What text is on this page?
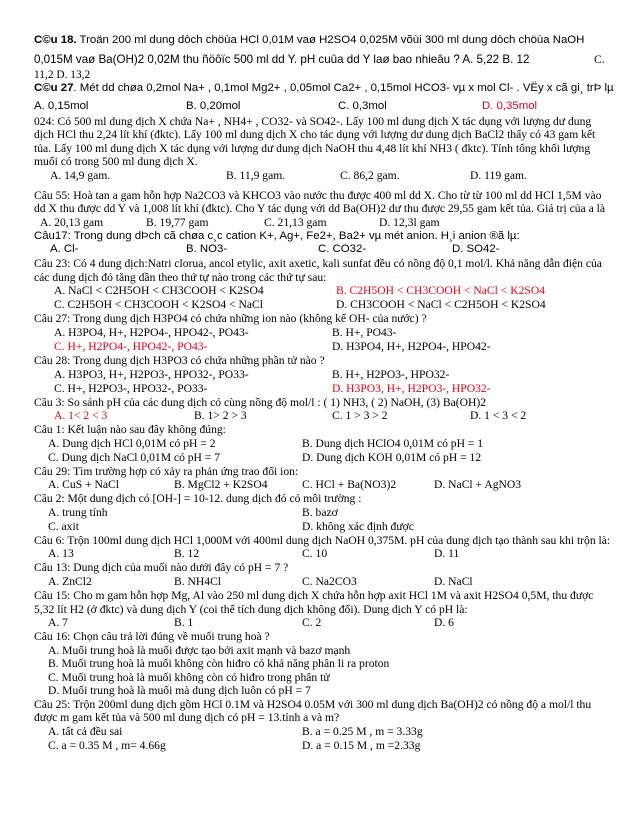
C©u 18. Troän 200 ml dung dòch chöùa HCl 0,01M vaø H2SO4 0,025M võùi 300 ml dung dòch chöùa NaOH
0,015M vaø Ba(OH)2 0,02M thu ñöôïc 500 ml dd Y. pH cuûa dd Y laø bao nhieâu ? A. 5,22 B. 12	C.
11,2 D. 13,2
C©u 27. Mét dd chøa 0,2mol Na+ , 0,1mol Mg2+ , 0,05mol Ca2+ , 0,15mol HCO3- vµ x mol Cl- . VËy x cã gi¸ trÞ lµ
A. 0,15mol	B. 0,20mol	C. 0,3mol	D. 0,35mol
024: Có 500 ml dung dịch X chứa Na+ , NH4+ , CO32- và SO42-. Lấy 100 ml dung dịch X tác dụng với lượng dư dung dịch HCl thu 2,24 lít khí (đktc). Lấy 100 ml dung dịch X cho tác dụng với lượng dư dung dịch BaCl2 thấy có 43 gam kết tủa. Lấy 100 ml dung dịch X tác dụng với lượng dư dung dịch NaOH thu 4,48 lít khí NH3 ( đktc). Tính tổng khối lượng muối có trong 500 ml dung dịch X.
A. 14,9 gam.	B. 11,9 gam.	C. 86,2 gam.	D. 119 gam.
Câu 55: Hoà tan a gam hỗn hợp Na2CO3 và KHCO3 vào nước thu được 400 ml dd X. Cho từ từ 100 ml dd HCl 1,5M vào dd X thu được dd Y và 1,008 lít khí (đktc). Cho Y tác dụng với dd Ba(OH)2 dư thu được 29,55 gam kết tủa. Giá trị của a là
A. 20,13 gam	B. 19,77 gam	C. 21,13 gam	D. 12,3l gam
Câu17: Trong dung dÞch cã chøa c¸c cation K+, Ag+, Fe2+, Ba2+ vµ mét anion. H¸i anion ®ã lµ:
A. Cl-	B. NO3-	C. CO32-	D. SO42-
Câu 23: Có 4 dung dịch:Natri clorua, ancol etylic, axit axetic, kali sunfat đều có nồng độ 0,1 mol/l. Khả năng dẫn điện của các dung dịch đó tăng dần theo thứ tự nào trong các thứ tự sau:
A. NaCl < C2H5OH < CH3COOH < K2SO4	B. C2H5OH < CH3COOH < NaCl < K2SO4
C. C2H5OH < CH3COOH < K2SO4 < NaCl	D. CH3COOH < NaCl < C2H5OH < K2SO4
Câu 27: Trong dung dịch H3PO4 có chứa những ion nào (không kể OH- của nước) ?
A. H3PO4, H+, H2PO4-, HPO42-, PO43-	B. H+, PO43-
C. H+, H2PO4-, HPO42-, PO43-	D. H3PO4, H+, H2PO4-, HPO42-
Câu 28: Trong dung dịch H3PO3 có chứa những phần tử nào ?
A. H3PO3, H+, H2PO3-, HPO32-, PO33-	B. H+, H2PO3-, HPO32-
C. H+, H2PO3-, HPO32-, PO33-	D. H3PO3, H+, H2PO3-, HPO32-
Câu 3: So sánh pH của các dung dịch có cùng nồng độ mol/l : ( 1) NH3, ( 2) NaOH, (3) Ba(OH)2
A. 1< 2 < 3	B. 1> 2 > 3	C. 1 > 3 > 2	D. 1 < 3 < 2
Câu 1: Kết luận nào sau đây không đúng:
A. Dung dịch HCl 0,01M có pH = 2	B. Dung dịch HClO4 0,01M có pH = 1
C. Dung dịch NaCl 0,01M có pH = 7	D. Dung dịch KOH 0,01M có pH = 12
Câu 29: Tìm trường hợp có xảy ra phản ứng trao đổi ion:
A. CuS + NaCl	B. MgCl2 + K2SO4	C. HCl + Ba(NO3)2	D. NaCl + AgNO3
Câu 2: Một dung dịch có [OH-] = 10-12. dung dịch đó có môi trường :
A. trung tính	B. bazơ
C. axit	D. không xác định được
Câu 6: Trộn 100ml dung dịch HCl 1,000M với 400ml dung dịch NaOH 0,375M. pH của dung dịch tạo thành sau khi trộn là:
A. 13	B. 12	C. 10	D. 11
Câu 13: Dung dịch của muối nào dưới đây có pH = 7 ?
A. ZnCl2	B. NH4Cl	C. Na2CO3	D. NaCl
Câu 15: Cho m gam hỗn hợp Mg, Al vào 250 ml dung dịch X chứa hỗn hợp axit HCl 1M và axit H2SO4 0,5M, thu được 5,32 lít H2 (ở đktc) và dung dịch Y (coi thể tích dung dịch không đổi). Dung dịch Y có pH là:
A. 7	B. 1	C. 2	D. 6
Câu 16: Chọn câu trả lời đúng về muối trung hoà ?
A. Muối trung hoà là muối được tạo bởi axit mạnh và bazơ mạnh
B. Muối trung hoà là muối không còn hiđro có khả năng phân li ra proton
C. Muối trung hoà là muối không còn có hiđro trong phân tử
D. Muối trung hoà là muối mà dung dịch luôn có pH = 7
Câu 25: Trộn 200ml dung dịch gồm HCl 0.1M và H2SO4 0.05M với 300 ml dung dịch Ba(OH)2 có nồng độ a mol/l thu được m gam kết tủa và 500 ml dung dịch có pH = 13.tính a và m?
A. tất cả đều sai	B. a = 0.25 M , m = 3.33g
C. a = 0.35 M , m= 4.66g	D. a = 0.15 M , m =2.33g
